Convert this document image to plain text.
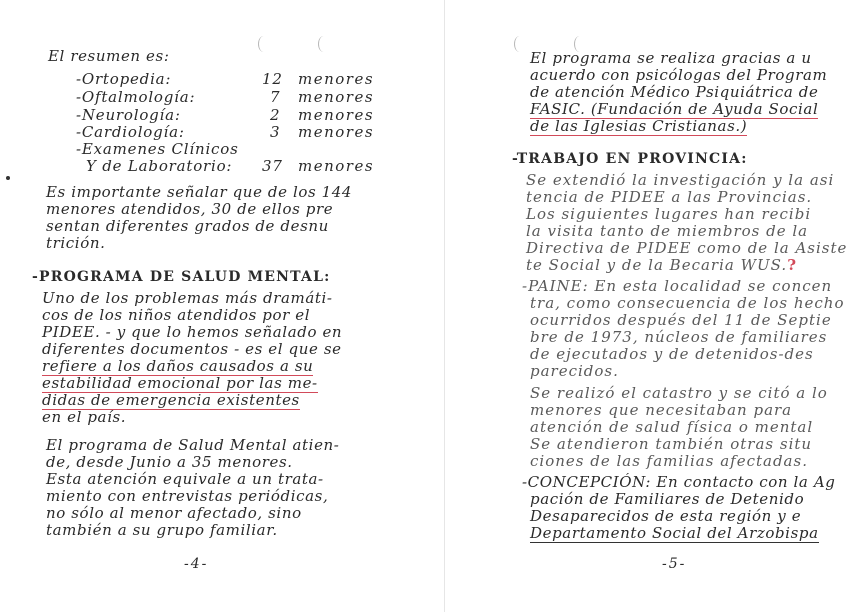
El resumen es:
-Ortopedia:	12 menores
-Oftalmología:	7 menores
-Neurología:	2 menores
-Cardiología:	3 menores
-Examenes Clínicos
Y de Laboratorio: 37 menores
Es importante señalar que de los 144
menores atendidos, 30 de ellos pre
sentan diferentes grados de desnu
trición.
-PROGRAMA DE SALUD MENTAL:
Uno de los problemas más dramáti-
cos de los niños atendidos por el
PIDEE. - y que lo hemos señalado en
diferentes documentos - es el que se
refiere a los daños causados a su
estabilidad emocional por las me-
didas de emergencia existentes
en el país.
El programa de Salud Mental atien-
de, desde Junio a 35 menores.
Esta atención equivale a un trata-
miento con entrevistas periódicas,
no sólo al menor afectado, sino
también a su grupo familiar.
-4-
El programa se realiza gracias a u
acuerdo con psicólogas del Program
de atención Médico Psiquiátrica de
FASIC. (Fundación de Ayuda Social
de las Iglesias Cristianas.)
-TRABAJO EN PROVINCIA:
Se extendió la investigación y la asi
tencia de PIDEE a las Provincias.
Los siguientes lugares han recibi
la visita tanto de miembros de la
Directiva de PIDEE como de la Asiste
te Social y de la Becaria WUS.?
-PAINE: En esta localidad se concen
tra, como consecuencia de los hecho
ocurridos después del 11 de Septie
bre de 1973, núcleos de familiares
de ejecutados y de detenidos-des
parecidos.
Se realizó el catastro y se citó a lo
menores que necesitaban para
atención de salud física o mental
Se atendieron también otras situ
ciones de las familias afectadas.
-CONCEPCIÓN: En contacto con la Ag
pación de Familiares de Detenido
Desaparecidos de esta región y e
Departamento Social del Arzobispa
-5-
